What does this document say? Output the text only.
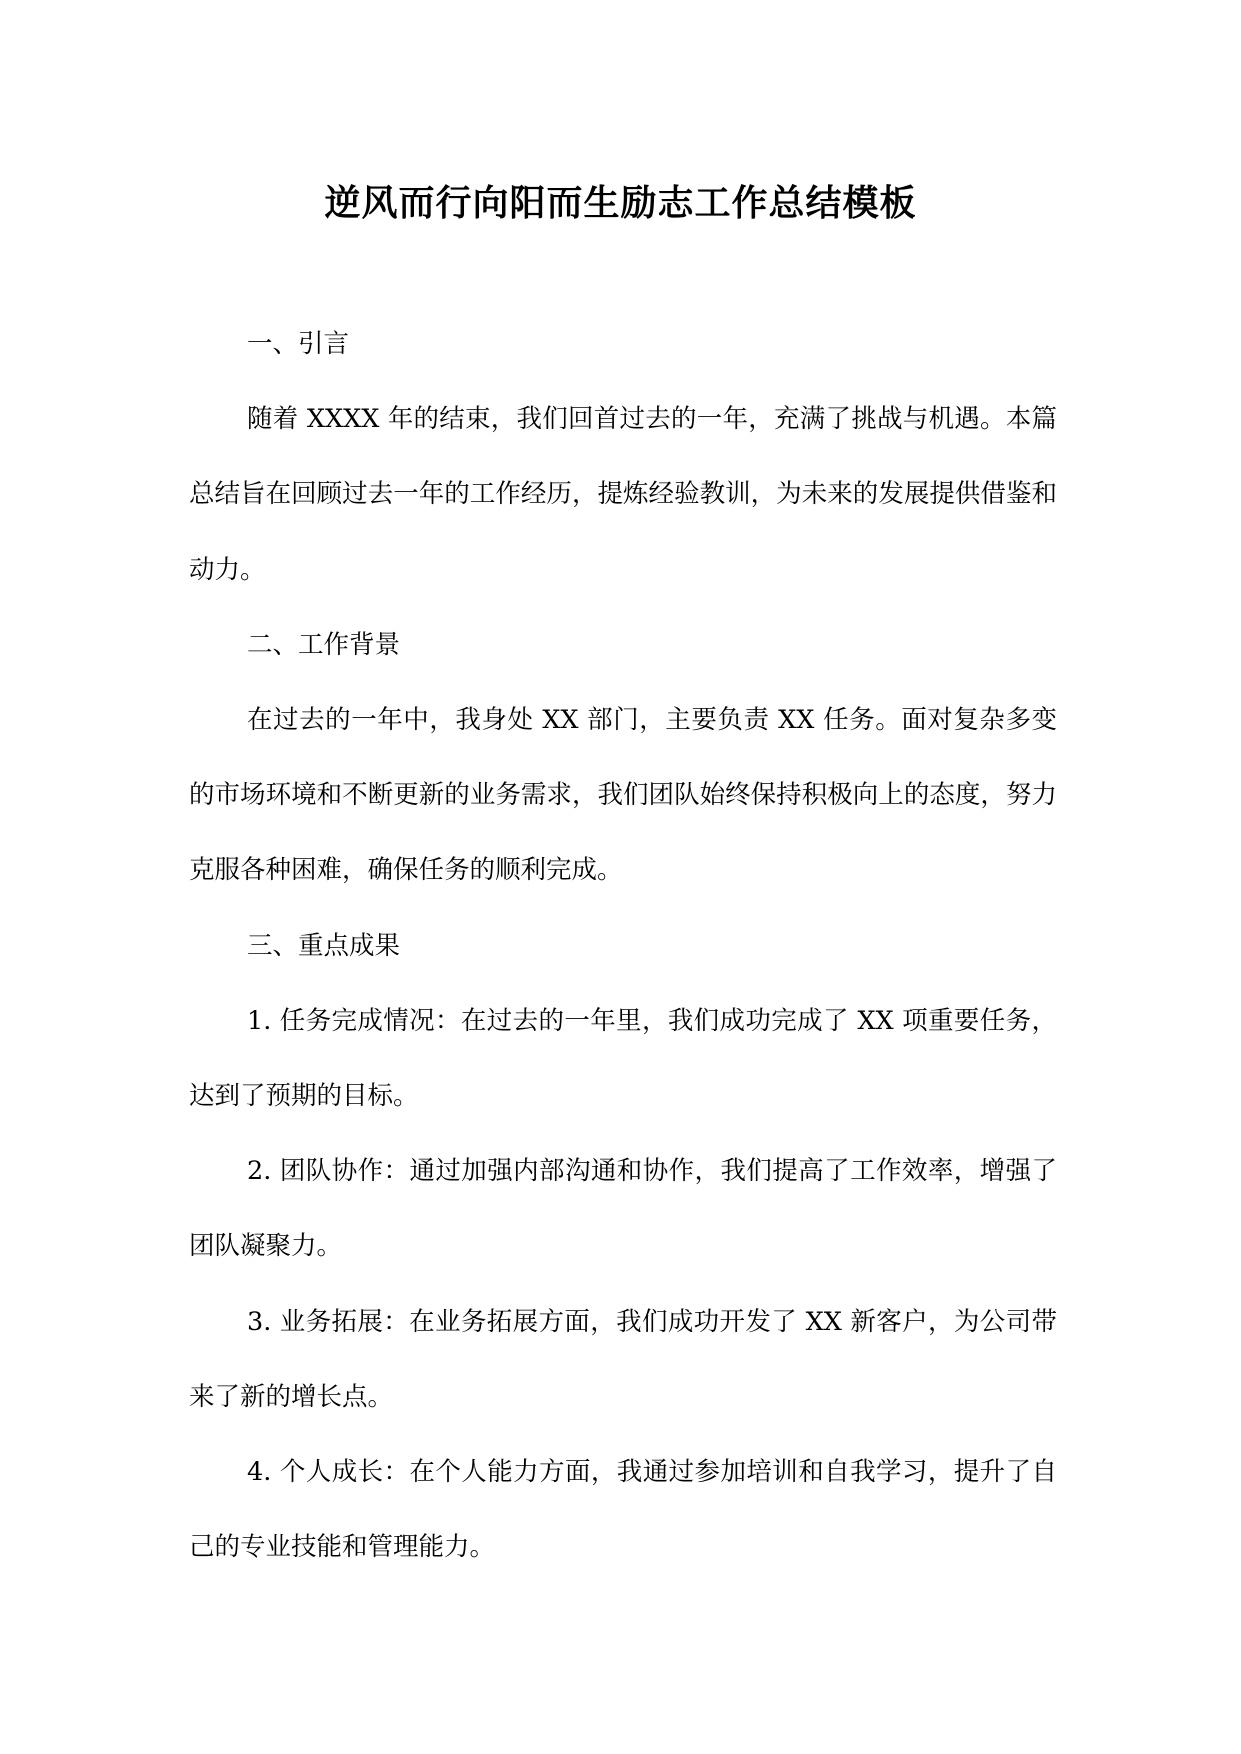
逆风而行向阳而生励志工作总结模板

一、引言

随着 XXXX 年的结束，我们回首过去的一年，充满了挑战与机遇。本篇总结旨在回顾过去一年的工作经历，提炼经验教训，为未来的发展提供借鉴和动力。

二、工作背景

在过去的一年中，我身处 XX 部门，主要负责 XX 任务。面对复杂多变的市场环境和不断更新的业务需求，我们团队始终保持积极向上的态度，努力克服各种困难，确保任务的顺利完成。

三、重点成果

1. 任务完成情况：在过去的一年里，我们成功完成了 XX 项重要任务，达到了预期的目标。

2. 团队协作：通过加强内部沟通和协作，我们提高了工作效率，增强了团队凝聚力。

3. 业务拓展：在业务拓展方面，我们成功开发了 XX 新客户，为公司带来了新的增长点。

4. 个人成长：在个人能力方面，我通过参加培训和自我学习，提升了自己的专业技能和管理能力。
